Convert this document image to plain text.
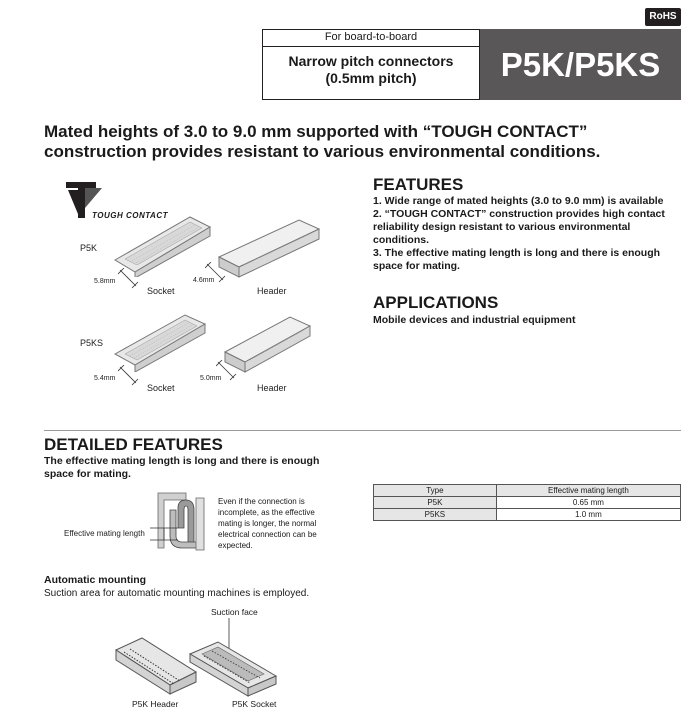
RoHS
For board-to-board
Narrow pitch connectors
(0.5mm pitch)	P5K/P5KS
Mated heights of 3.0 to 9.0 mm supported with “TOUGH CONTACT”
construction provides resistant to various environmental conditions.
TOUGH CONTACT
P5K
5.8mm
Socket
4.6mm
Header
P5KS
5.4mm
Socket
5.0mm
Header
FEATURES
1. Wide range of mated heights (3.0 to 9.0 mm) is available
2. “TOUGH CONTACT” construction provides high contact reliability design resistant to various environmental conditions.
3. The effective mating length is long and there is enough space for mating.
APPLICATIONS
Mobile devices and industrial equipment
DETAILED FEATURES
The effective mating length is long and there is enough
space for mating.
Effective mating length
Even if the connection is
incomplete, as the effective
mating is longer, the normal
electrical connection can be
expected.
Type	Effective mating length
P5K	0.65 mm
P5KS	1.0 mm
Automatic mounting
Suction area for automatic mounting machines is employed.
Suction face
P5K Header	P5K Socket
